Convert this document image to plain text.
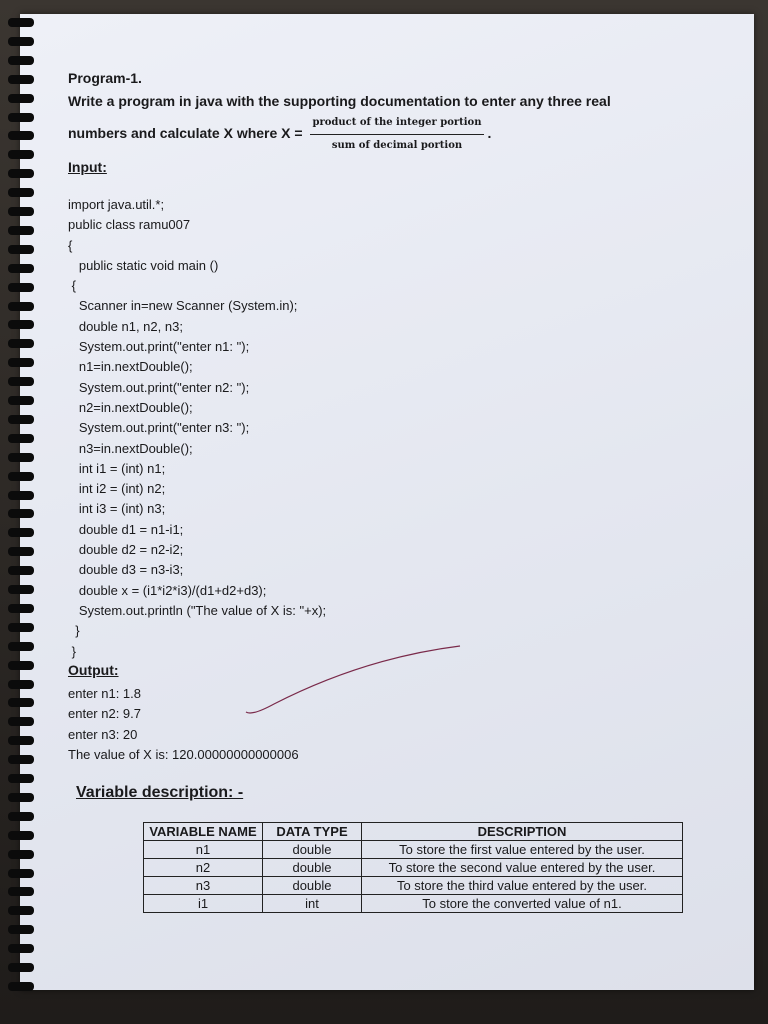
Program-1.
Write a program in java with the supporting documentation to enter any three real
numbers and calculate X where $X = \frac{\text{product of the integer portion}}{\text{sum of decimal portion}}$ .
Input:
import java.util.*;
public class ramu007
{
public static void main ()
{
Scanner in=new Scanner (System.in);
double n1, n2, n3;
System.out.print("enter n1: ");
n1=in.nextDouble();
System.out.print("enter n2: ");
n2=in.nextDouble();
System.out.print("enter n3: ");
n3=in.nextDouble();
int i1 = (int) n1;
int i2 = (int) n2;
int i3 = (int) n3;
double d1 = n1-i1;
double d2 = n2-i2;
double d3 = n3-i3;
double x = (i1*i2*i3)/(d1+d2+d3);
System.out.println ("The value of X is: "+x);
}
}
Output:
enter n1: 1.8
enter n2: 9.7
enter n3: 20
The value of X is: 120.00000000000006
Variable description: -
VARIABLE NAME	DATA TYPE	DESCRIPTION
n1	double	To store the first value entered by the user.
n2	double	To store the second value entered by the user.
n3	double	To store the third value entered by the user.
i1	int	To store the converted value of n1.
